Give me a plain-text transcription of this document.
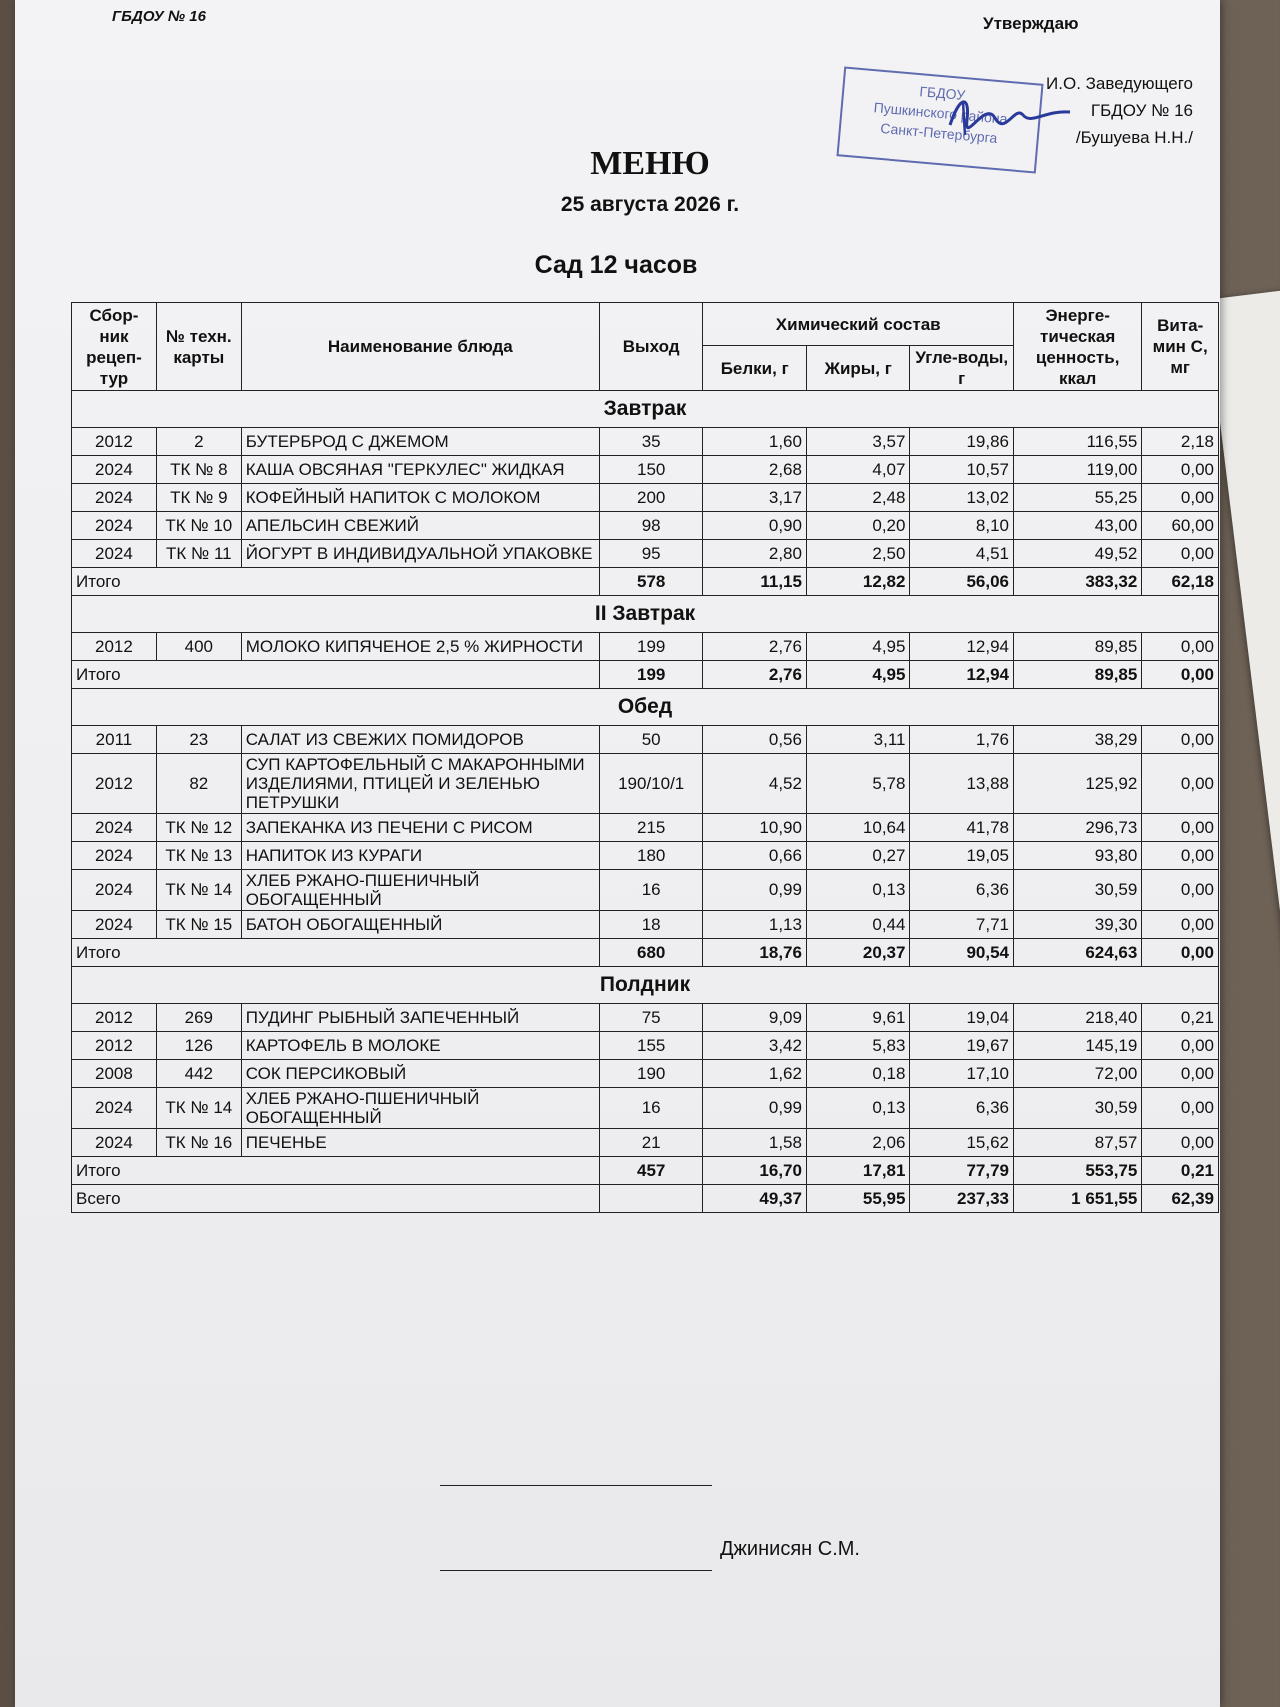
ГБДОУ № 16	Утверждаю
ГБДОУ
Пушкинского района
Санкт-Петербурга
И.О. Заведующего
ГБДОУ № 16
/Бушуева Н.Н./
МЕНЮ
25 августа 2026 г.
Сад 12 часов
Сбор-ник рецеп-тур	№ техн. карты	Наименование блюда	Выход	Химический состав			Энерге-тическая ценность, ккал	Вита-мин С, мг
				Белки, г	Жиры, г	Угле-воды, г		
Завтрак								
2012	2	БУТЕРБРОД С ДЖЕМОМ	35	1,60	3,57	19,86	116,55	2,18
2024	ТК № 8	КАША ОВСЯНАЯ "ГЕРКУЛЕС" ЖИДКАЯ	150	2,68	4,07	10,57	119,00	0,00
2024	ТК № 9	КОФЕЙНЫЙ НАПИТОК С МОЛОКОМ	200	3,17	2,48	13,02	55,25	0,00
2024	ТК № 10	АПЕЛЬСИН СВЕЖИЙ	98	0,90	0,20	8,10	43,00	60,00
2024	ТК № 11	ЙОГУРТ В ИНДИВИДУАЛЬНОЙ УПАКОВКЕ	95	2,80	2,50	4,51	49,52	0,00
Итого			578	11,15	12,82	56,06	383,32	62,18
II Завтрак								
2012	400	МОЛОКО КИПЯЧЕНОЕ 2,5 % ЖИРНОСТИ	199	2,76	4,95	12,94	89,85	0,00
Итого			199	2,76	4,95	12,94	89,85	0,00
Обед								
2011	23	САЛАТ ИЗ СВЕЖИХ ПОМИДОРОВ	50	0,56	3,11	1,76	38,29	0,00
2012	82	СУП КАРТОФЕЛЬНЫЙ С МАКАРОННЫМИ ИЗДЕЛИЯМИ, ПТИЦЕЙ И ЗЕЛЕНЬЮ ПЕТРУШКИ	190/10/1	4,52	5,78	13,88	125,92	0,00
2024	ТК № 12	ЗАПЕКАНКА ИЗ ПЕЧЕНИ С РИСОМ	215	10,90	10,64	41,78	296,73	0,00
2024	ТК № 13	НАПИТОК ИЗ КУРАГИ	180	0,66	0,27	19,05	93,80	0,00
2024	ТК № 14	ХЛЕБ РЖАНО-ПШЕНИЧНЫЙ ОБОГАЩЕННЫЙ	16	0,99	0,13	6,36	30,59	0,00
2024	ТК № 15	БАТОН ОБОГАЩЕННЫЙ	18	1,13	0,44	7,71	39,30	0,00
Итого			680	18,76	20,37	90,54	624,63	0,00
Полдник								
2012	269	ПУДИНГ РЫБНЫЙ ЗАПЕЧЕННЫЙ	75	9,09	9,61	19,04	218,40	0,21
2012	126	КАРТОФЕЛЬ В МОЛОКЕ	155	3,42	5,83	19,67	145,19	0,00
2008	442	СОК ПЕРСИКОВЫЙ	190	1,62	0,18	17,10	72,00	0,00
2024	ТК № 14	ХЛЕБ РЖАНО-ПШЕНИЧНЫЙ ОБОГАЩЕННЫЙ	16	0,99	0,13	6,36	30,59	0,00
2024	ТК № 16	ПЕЧЕНЬЕ	21	1,58	2,06	15,62	87,57	0,00
Итого			457	16,70	17,81	77,79	553,75	0,21
Всего				49,37	55,95	237,33	1 651,55	62,39
Джинисян С.М.
